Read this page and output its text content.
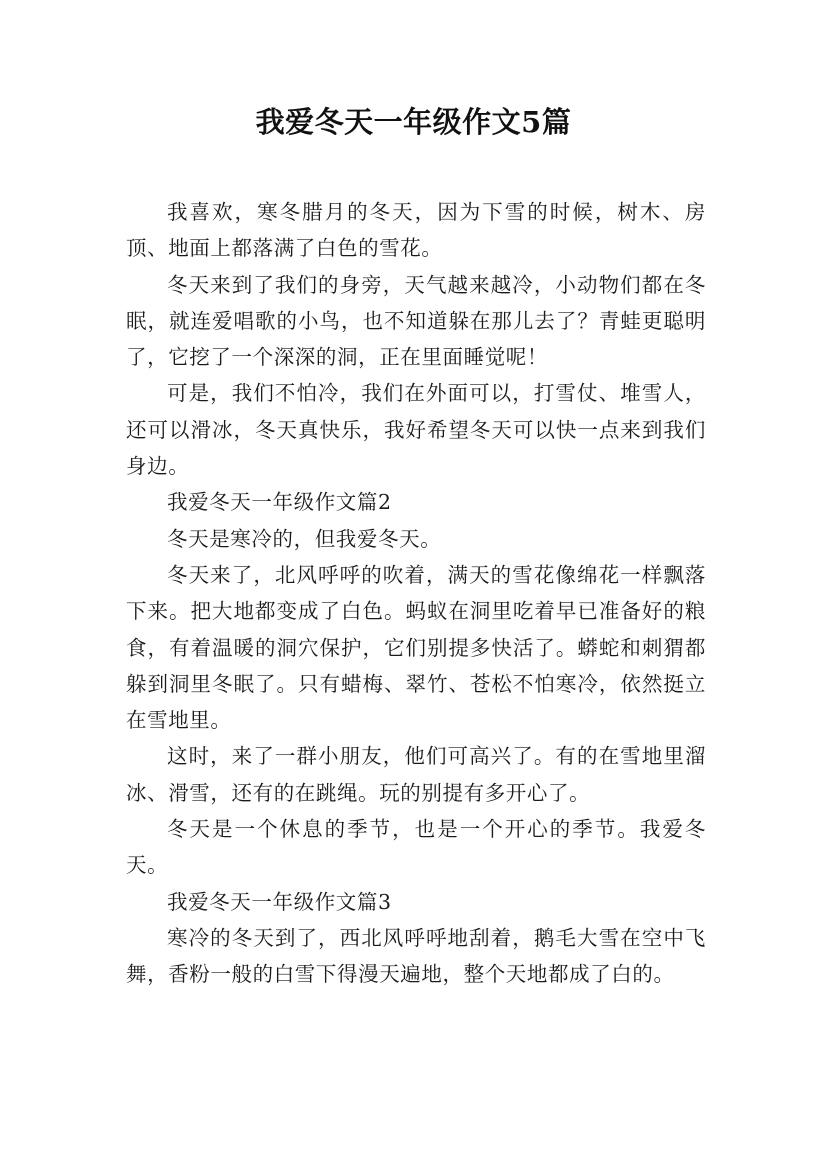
我爱冬天一年级作文5篇

我喜欢，寒冬腊月的冬天，因为下雪的时候，树木、房顶、地面上都落满了白色的雪花。

冬天来到了我们的身旁，天气越来越冷，小动物们都在冬眠，就连爱唱歌的小鸟，也不知道躲在那儿去了？青蛙更聪明了，它挖了一个深深的洞，正在里面睡觉呢！

可是，我们不怕冷，我们在外面可以，打雪仗、堆雪人，还可以滑冰，冬天真快乐，我好希望冬天可以快一点来到我们身边。

我爱冬天一年级作文篇2

冬天是寒冷的，但我爱冬天。

冬天来了，北风呼呼的吹着，满天的雪花像绵花一样飘落下来。把大地都变成了白色。蚂蚁在洞里吃着早已准备好的粮食，有着温暖的洞穴保护，它们别提多快活了。蟒蛇和刺猬都躲到洞里冬眠了。只有蜡梅、翠竹、苍松不怕寒冷，依然挺立在雪地里。

这时，来了一群小朋友，他们可高兴了。有的在雪地里溜冰、滑雪，还有的在跳绳。玩的别提有多开心了。

冬天是一个休息的季节，也是一个开心的季节。我爱冬天。

我爱冬天一年级作文篇3

寒冷的冬天到了，西北风呼呼地刮着，鹅毛大雪在空中飞舞，香粉一般的白雪下得漫天遍地，整个天地都成了白的。
